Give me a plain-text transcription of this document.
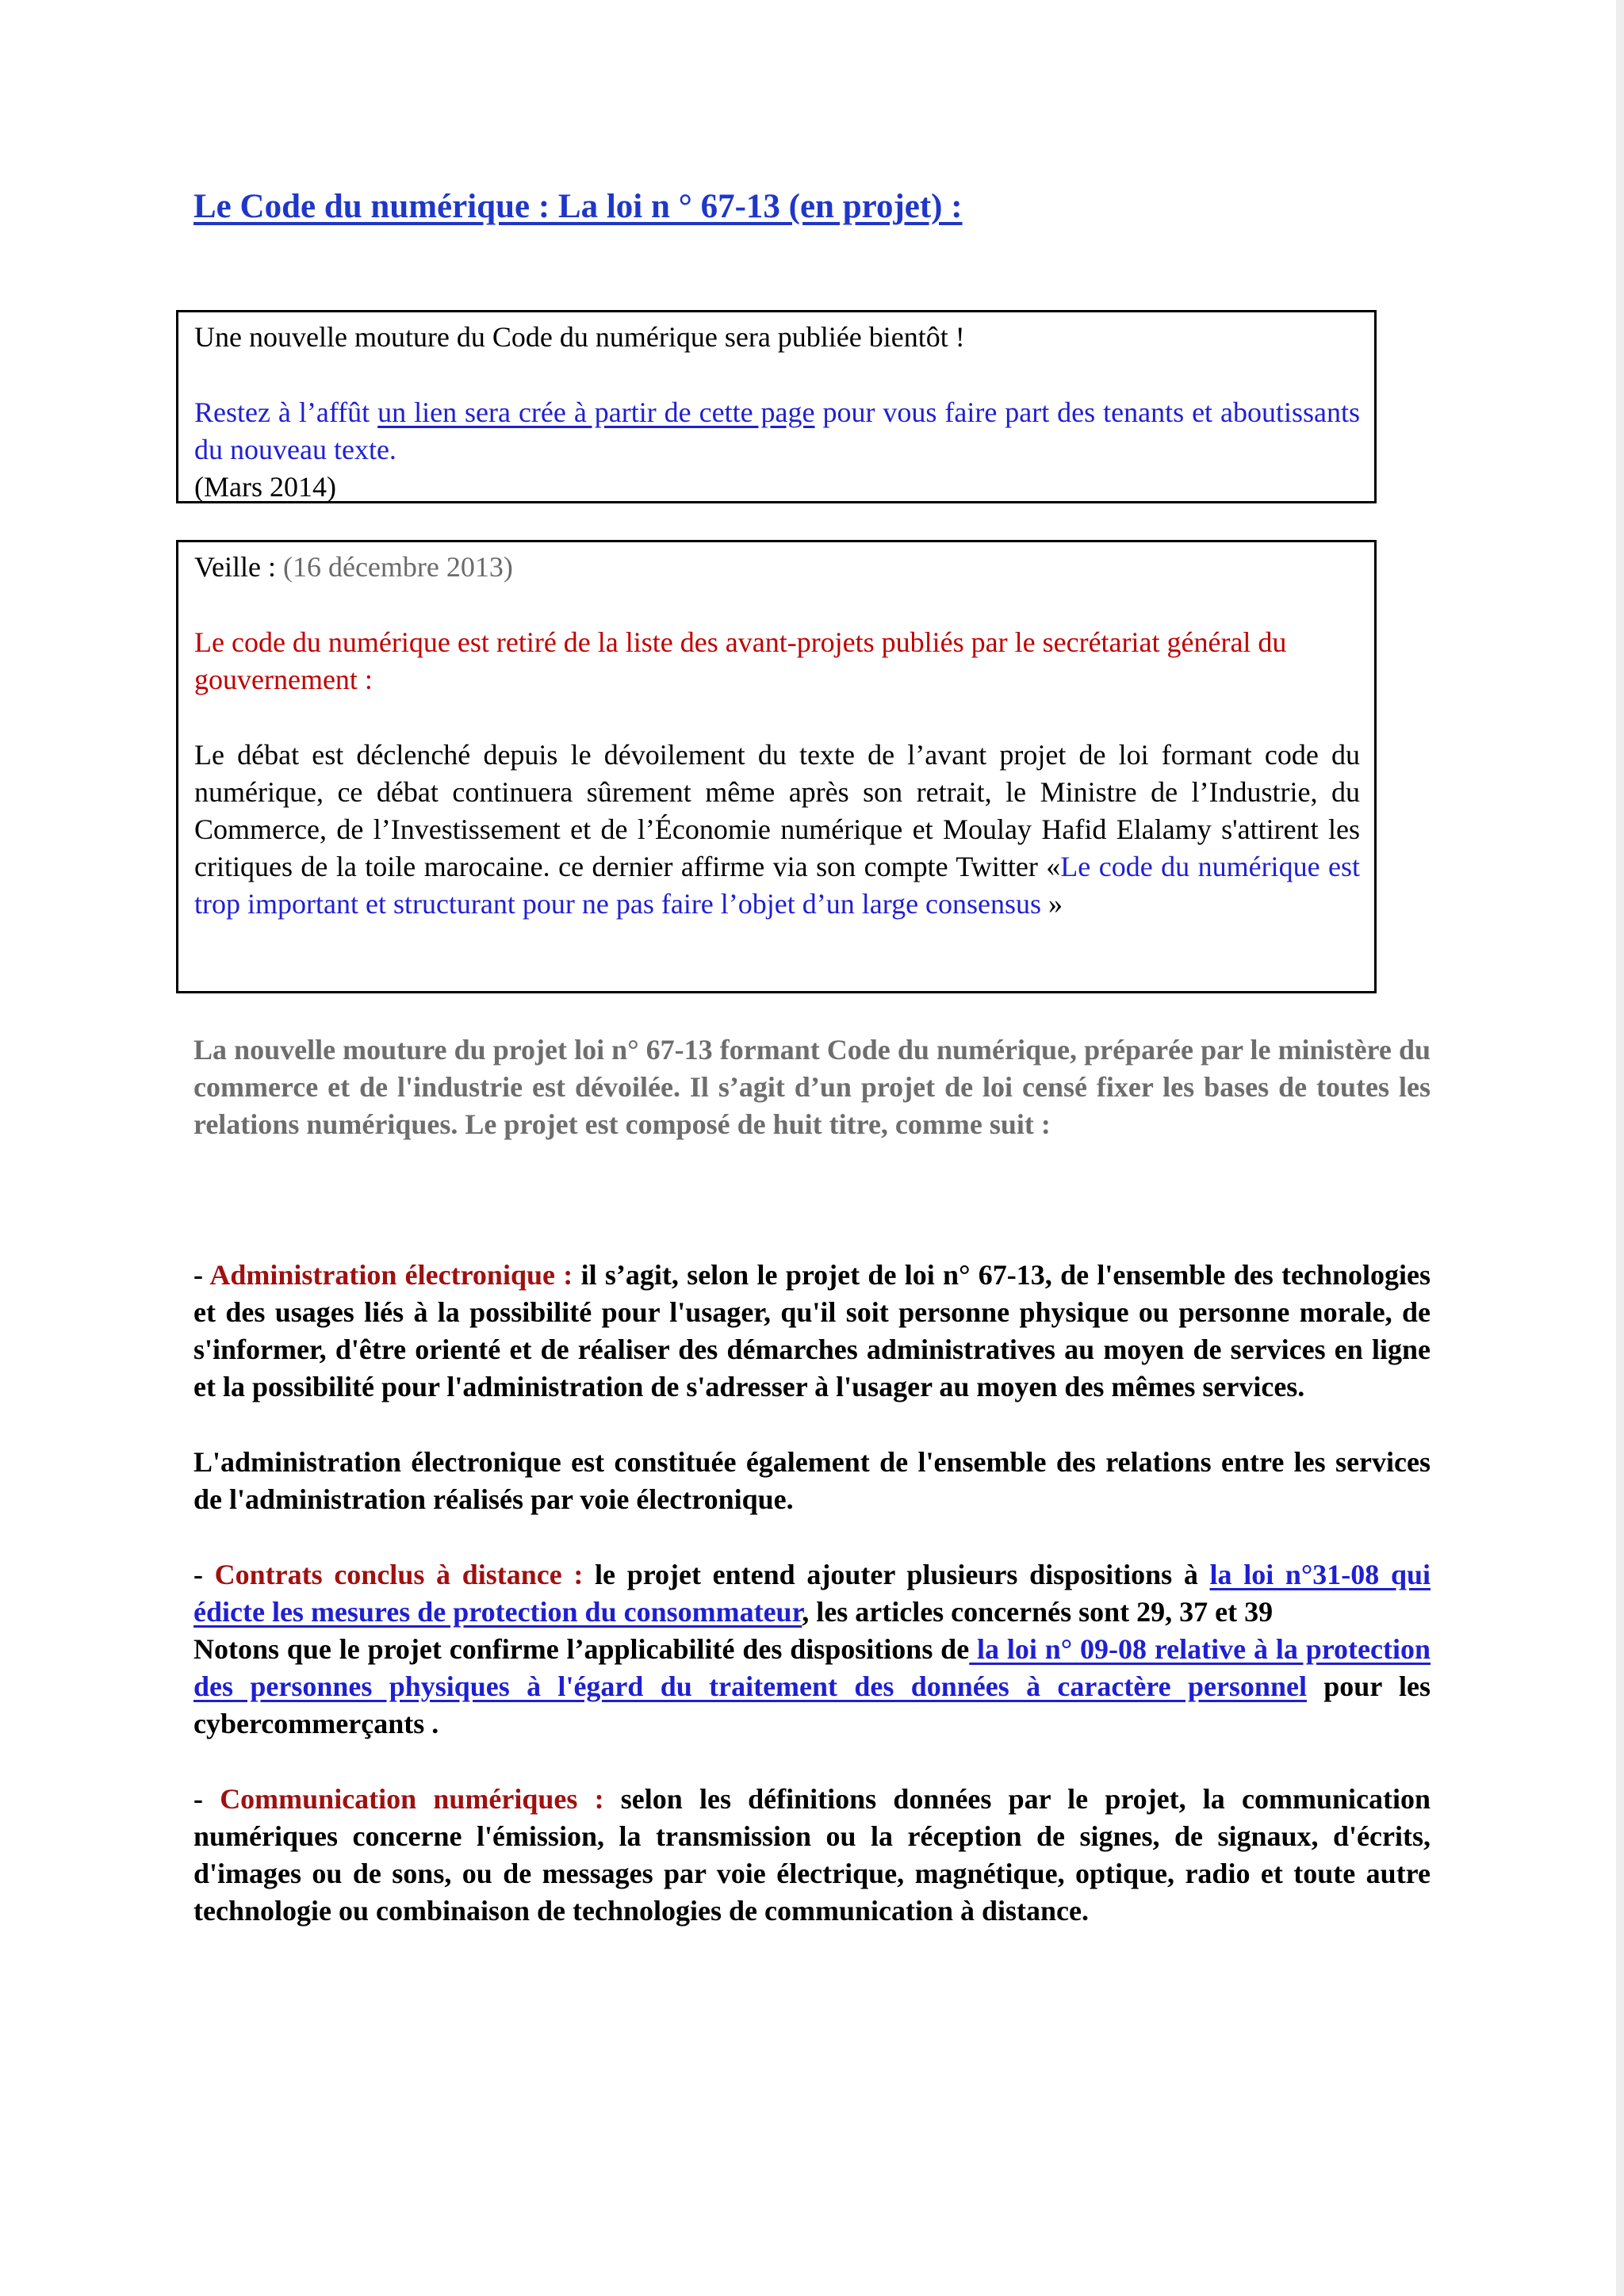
Le Code du numérique : La loi n ° 67-13 (en projet) :

Une nouvelle mouture du Code du numérique sera publiée bientôt !

Restez à l’affût un lien sera crée à partir de cette page pour vous faire part des tenants et aboutissants du nouveau texte.

(Mars 2014)

Veille : (16 décembre 2013)

Le code du numérique est retiré de la liste des avant-projets publiés par le secrétariat général du gouvernement :

Le débat est déclenché depuis le dévoilement du texte de l’avant projet de loi formant code du numérique, ce débat continuera sûrement même après son retrait, le Ministre de l’Industrie, du Commerce, de l’Investissement et de l’Économie numérique et Moulay Hafid Elalamy s'attirent les critiques de la toile marocaine. ce dernier affirme via son compte Twitter «Le code du numérique est trop important et structurant pour ne pas faire l’objet d’un large consensus »

La nouvelle mouture du projet loi n° 67-13 formant Code du numérique, préparée par le ministère du commerce et de l'industrie est dévoilée. Il s’agit d’un projet de loi censé fixer les bases de toutes les relations numériques. Le projet est composé de huit titre, comme suit :

- Administration électronique : il s’agit, selon le projet de loi n° 67-13, de l'ensemble des technologies et des usages liés à la possibilité pour l'usager, qu'il soit personne physique ou personne morale, de s'informer, d'être orienté et de réaliser des démarches administratives au moyen de services en ligne et la possibilité pour l'administration de s'adresser à l'usager au moyen des mêmes services.

L'administration électronique est constituée également de l'ensemble des relations entre les services de l'administration réalisés par voie électronique.

- Contrats conclus à distance : le projet entend ajouter plusieurs dispositions à la loi n°31-08 qui édicte les mesures de protection du consommateur, les articles concernés sont 29, 37 et 39

Notons que le projet confirme l’applicabilité des dispositions de la loi n° 09-08 relative à la protection des personnes physiques à l'égard du traitement des données à caractère personnel pour les cybercommerçants .

- Communication numériques : selon les définitions données par le projet, la communication numériques concerne l'émission, la transmission ou la réception de signes, de signaux, d'écrits, d'images ou de sons, ou de messages par voie électrique, magnétique, optique, radio et toute autre technologie ou combinaison de technologies de communication à distance.
